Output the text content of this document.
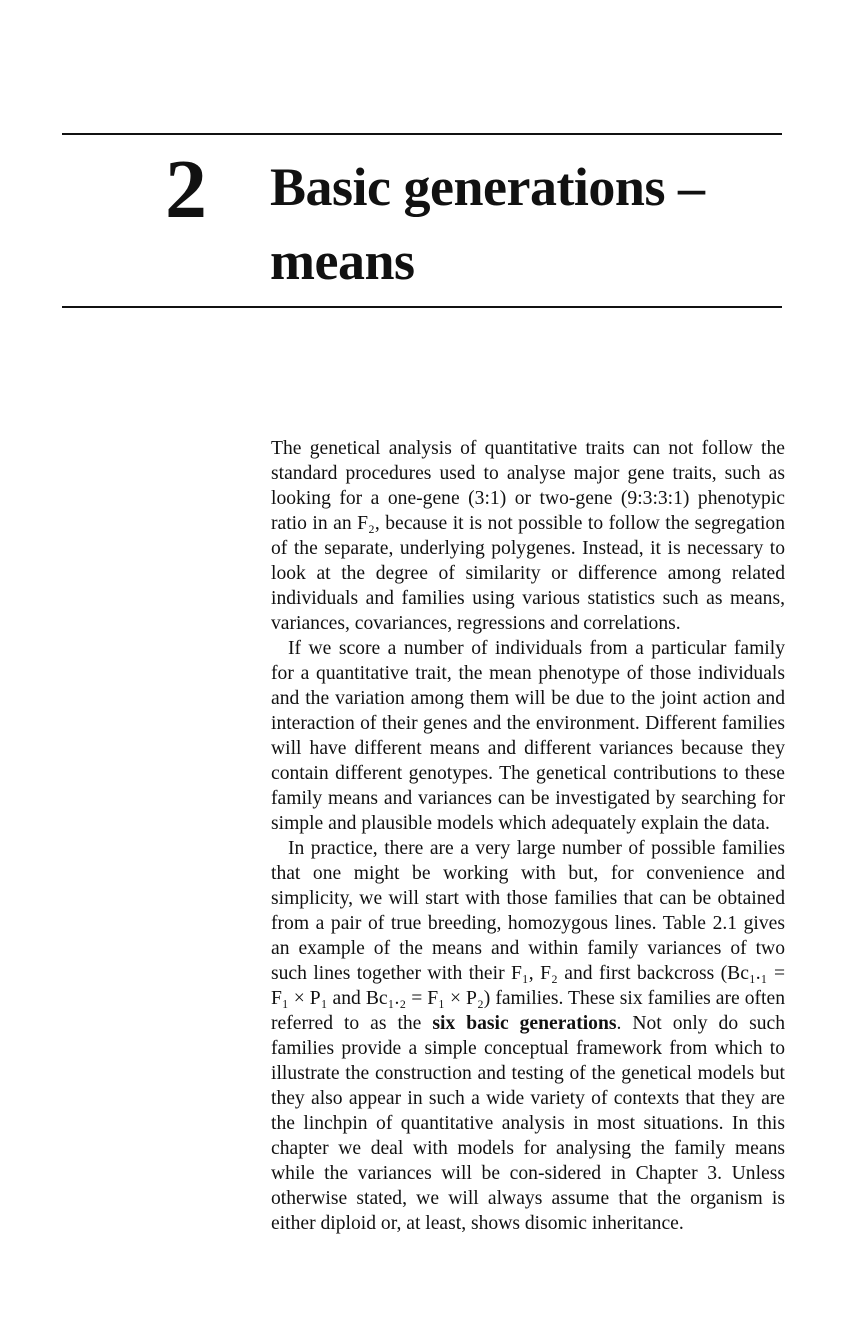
2 Basic generations – means

The genetical analysis of quantitative traits can not follow the standard procedures used to analyse major gene traits, such as looking for a one-gene (3:1) or two-gene (9:3:3:1) phenotypic ratio in an F₂, because it is not possible to follow the segregation of the separate, underlying polygenes. Instead, it is necessary to look at the degree of similarity or difference among related individuals and families using various statistics such as means, variances, covariances, regressions and correlations.

If we score a number of individuals from a particular family for a quantitative trait, the mean phenotype of those individuals and the variation among them will be due to the joint action and interaction of their genes and the environment. Different families will have different means and different variances because they contain different genotypes. The genetical contributions to these family means and variances can be investigated by searching for simple and plausible models which adequately explain the data.

In practice, there are a very large number of possible families that one might be working with but, for convenience and simplicity, we will start with those families that can be obtained from a pair of true breeding, homozygous lines. Table 2.1 gives an example of the means and within family variances of two such lines together with their F₁, F₂ and first backcross (Bc₁.₁ = F₁ × P₁ and Bc₁.₂ = F₁ × P₂) families. These six families are often referred to as the six basic generations. Not only do such families provide a simple conceptual framework from which to illustrate the construction and testing of the genetical models but they also appear in such a wide variety of contexts that they are the linchpin of quantitative analysis in most situations. In this chapter we deal with models for analysing the family means while the variances will be con-sidered in Chapter 3. Unless otherwise stated, we will always assume that the organism is either diploid or, at least, shows disomic inheritance.
